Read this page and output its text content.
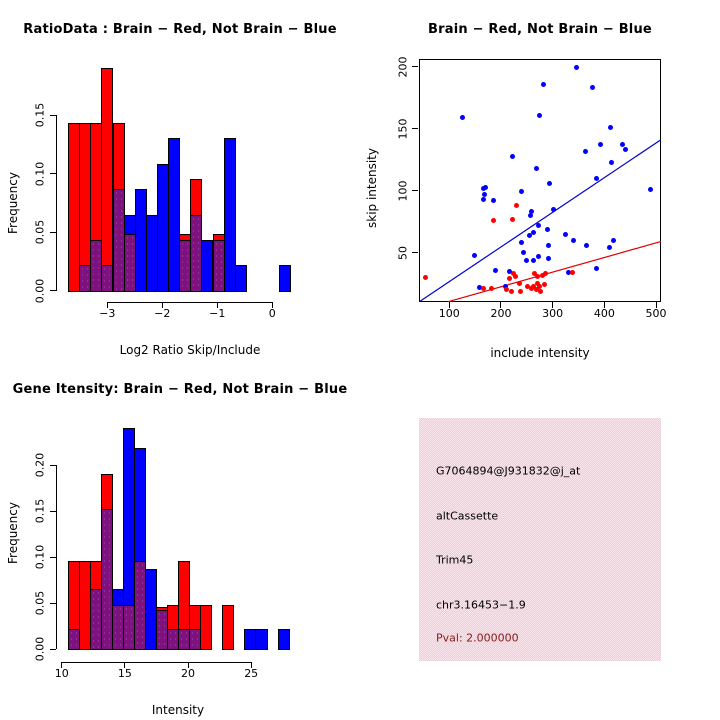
0.00
0.05
0.10
0.15
−3	−2	−1	0
RatioData : Brain − Red, Not Brain − Blue
Frequency
Log2 Ratio Skip/Include
100	200	300	400	500
50
100
150
200
Brain − Red, Not Brain − Blue
skip intensity
include intensity
0.00
0.05
0.10
0.15
0.20
10	15	20	25
Gene Itensity: Brain − Red, Not Brain − Blue
Frequency
Intensity
G7064894@J931832@j_at
altCassette
Trim45
chr3.16453−1.9
Pval: 2.000000
